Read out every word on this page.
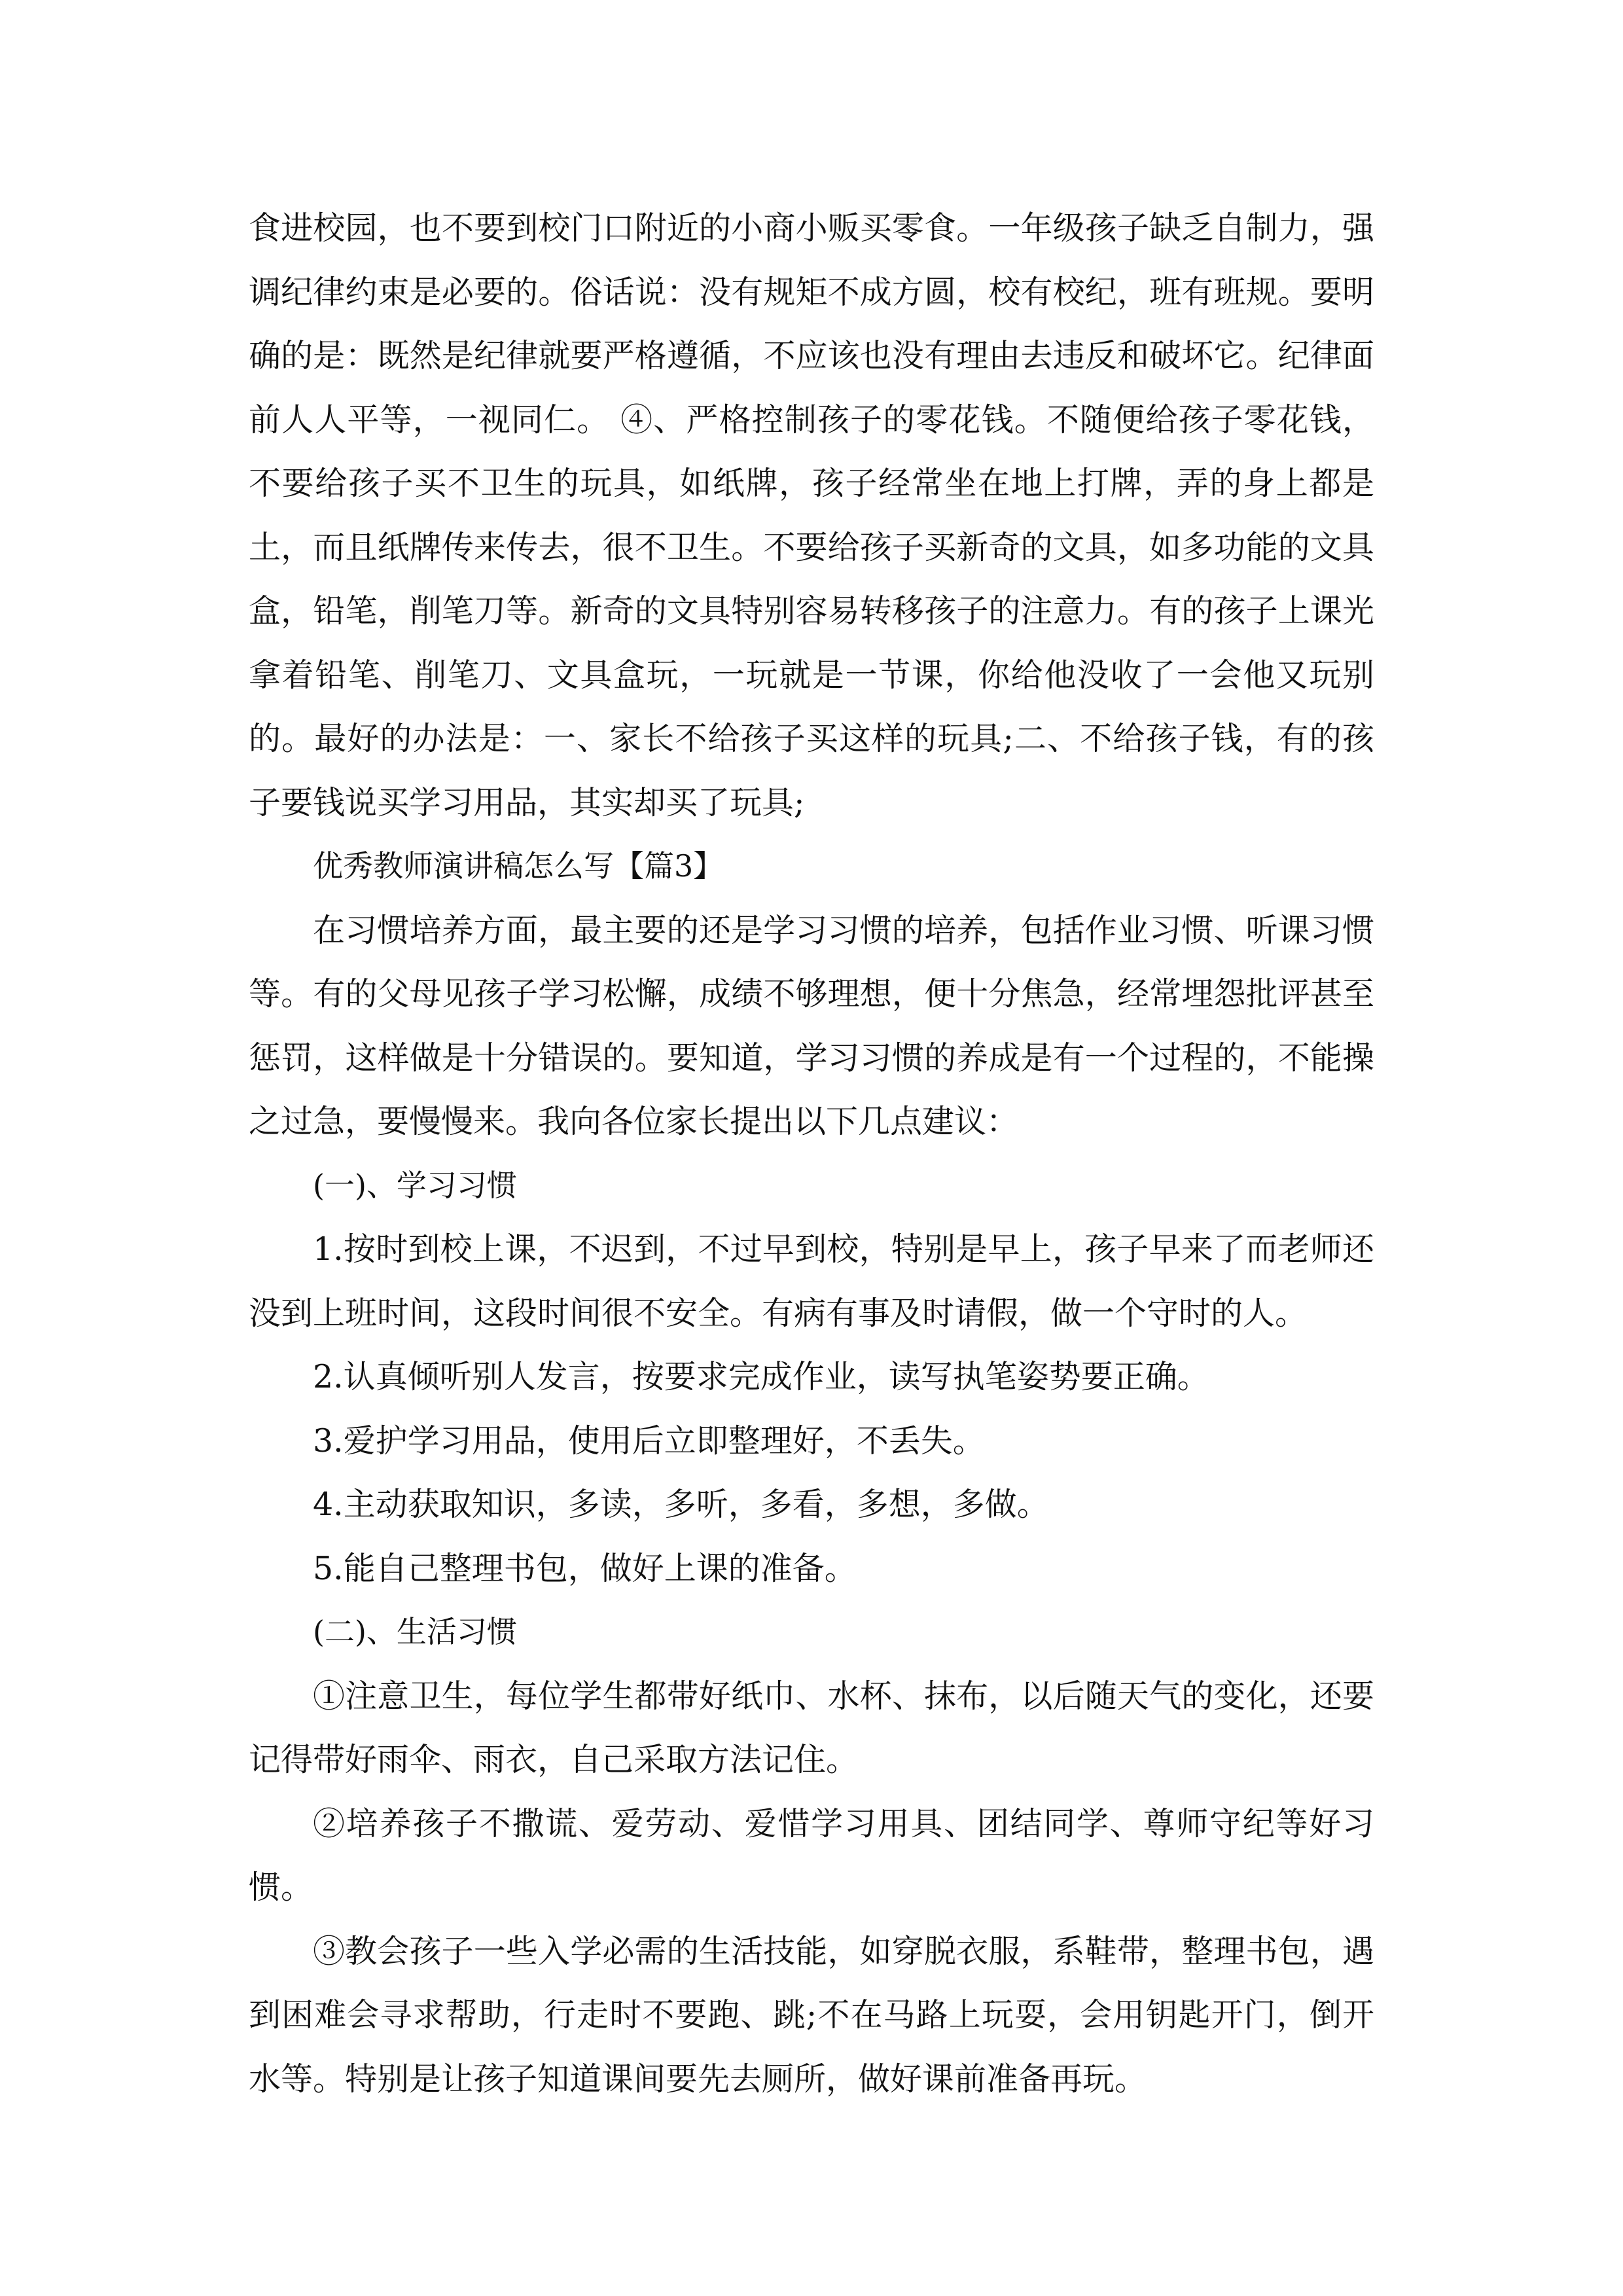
食进校园，也不要到校门口附近的小商小贩买零食。一年级孩子缺乏自制力，强调纪律约束是必要的。俗话说：没有规矩不成方圆，校有校纪，班有班规。要明确的是：既然是纪律就要严格遵循，不应该也没有理由去违反和破坏它。纪律面前人人平等，一视同仁。 ④、严格控制孩子的零花钱。不随便给孩子零花钱，不要给孩子买不卫生的玩具，如纸牌，孩子经常坐在地上打牌，弄的身上都是土，而且纸牌传来传去，很不卫生。不要给孩子买新奇的文具，如多功能的文具盒，铅笔，削笔刀等。新奇的文具特别容易转移孩子的注意力。有的孩子上课光拿着铅笔、削笔刀、文具盒玩，一玩就是一节课，你给他没收了一会他又玩别的。最好的办法是：一、家长不给孩子买这样的玩具;二、不给孩子钱，有的孩子要钱说买学习用品，其实却买了玩具;

优秀教师演讲稿怎么写【篇3】

在习惯培养方面，最主要的还是学习习惯的培养，包括作业习惯、听课习惯等。有的父母见孩子学习松懈，成绩不够理想，便十分焦急，经常埋怨批评甚至惩罚，这样做是十分错误的。要知道，学习习惯的养成是有一个过程的，不能操之过急，要慢慢来。我向各位家长提出以下几点建议：

(一)、学习习惯

1.按时到校上课，不迟到，不过早到校，特别是早上，孩子早来了而老师还没到上班时间，这段时间很不安全。有病有事及时请假，做一个守时的人。

2.认真倾听别人发言，按要求完成作业，读写执笔姿势要正确。

3.爱护学习用品，使用后立即整理好，不丢失。

4.主动获取知识，多读，多听，多看，多想，多做。

5.能自己整理书包，做好上课的准备。

(二)、生活习惯

①注意卫生，每位学生都带好纸巾、水杯、抹布，以后随天气的变化，还要记得带好雨伞、雨衣，自己采取方法记住。

②培养孩子不撒谎、爱劳动、爱惜学习用具、团结同学、尊师守纪等好习惯。

③教会孩子一些入学必需的生活技能，如穿脱衣服，系鞋带，整理书包，遇到困难会寻求帮助，行走时不要跑、跳;不在马路上玩耍，会用钥匙开门，倒开水等。特别是让孩子知道课间要先去厕所，做好课前准备再玩。
